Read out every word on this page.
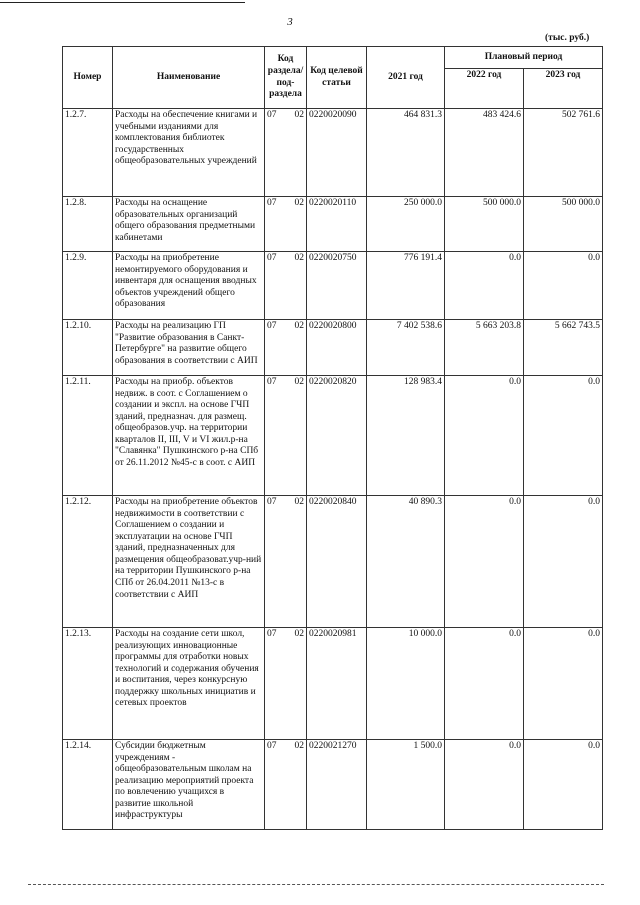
3
(тыс. руб.)
Номер	Наименование	Код раздела/ под-раздела	Код целевой статьи	2021 год	Плановый период	
					2022 год	2023 год
1.2.7.	Расходы на обеспечение книгами и учебными изданиями для комплектования библиотек государственных общеобразовательных учреждений	07 02	0220020090	464 831.3	483 424.6	502 761.6
1.2.8.	Расходы на оснащение образовательных организаций общего образования предметными кабинетами	07 02	0220020110	250 000.0	500 000.0	500 000.0
1.2.9.	Расходы на приобретение немонтируемого оборудования и инвентаря для оснащения вводных объектов учреждений общего образования	07 02	0220020750	776 191.4	0.0	0.0
1.2.10.	Расходы на реализацию ГП "Развитие образования в Санкт-Петербурге" на развитие общего образования в соответствии с АИП	07 02	0220020800	7 402 538.6	5 663 203.8	5 662 743.5
1.2.11.	Расходы на приобр. объектов недвиж. в соот. с Соглашением о создании и экспл. на основе ГЧП зданий, предназнач. для размещ. общеобразов.учр. на территории кварталов II, III, V и VI жил.р-на "Славянка" Пушкинского р-на СПб от 26.11.2012 №45-с в соот. с АИП	07 02	0220020820	128 983.4	0.0	0.0
1.2.12.	Расходы на приобретение объектов недвижимости в соответствии с Соглашением о создании и эксплуатации на основе ГЧП зданий, предназначенных для размещения общеобразоват.учр-ний на территории Пушкинского р-на СПб от 26.04.2011 №13-с в соответствии с АИП	07 02	0220020840	40 890.3	0.0	0.0
1.2.13.	Расходы на создание сети школ, реализующих инновационные программы для отработки новых технологий и содержания обучения и воспитания, через конкурсную поддержку школьных инициатив и сетевых проектов	07 02	0220020981	10 000.0	0.0	0.0
1.2.14.	Субсидии бюджетным учреждениям - общеобразовательным школам на реализацию мероприятий проекта по вовлечению учащихся в развитие школьной инфраструктуры	07 02	0220021270	1 500.0	0.0	0.0
